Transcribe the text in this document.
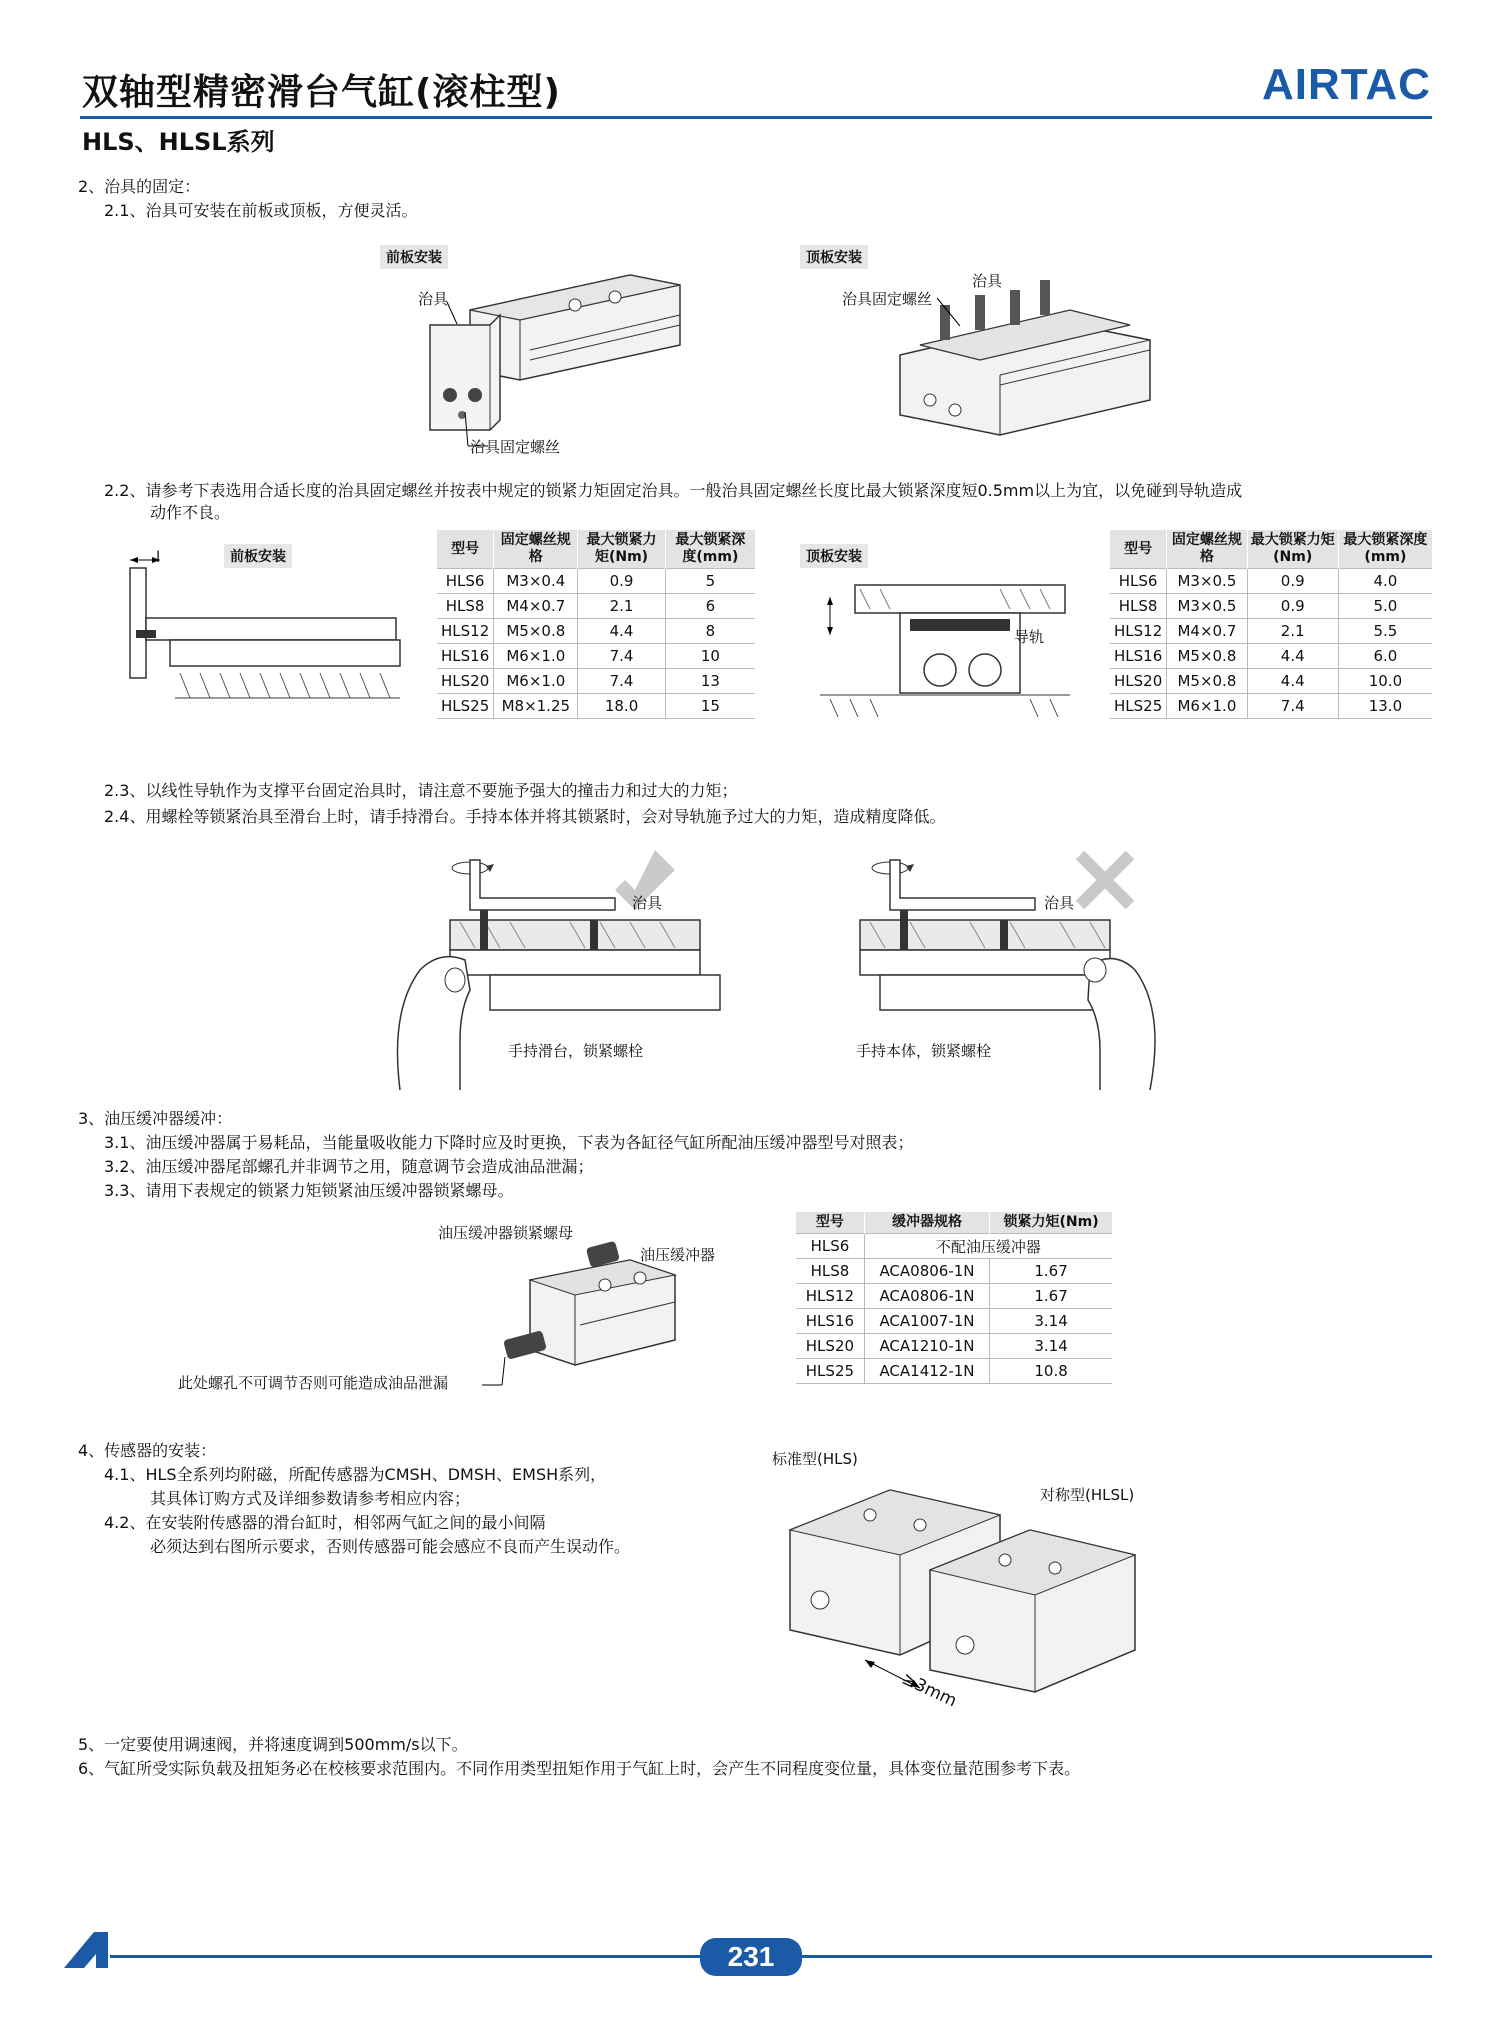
双轴型精密滑台气缸(滚柱型)
HLS、HLSL系列
AIRTAC
2、治具的固定：
2.1、治具可安装在前板或顶板，方便灵活。
前板安装	顶板安装
治具
治具固定螺丝
治具
治具固定螺丝
2.2、请参考下表选用合适长度的治具固定螺丝并按表中规定的锁紧力矩固定治具。一般治具固定螺丝长度比最大锁紧深度短0.5mm以上为宜，以免碰到导轨造成
动作不良。
前板安装
l	型号	固定螺丝规格	最大锁紧力矩(Nm)	最大锁紧深度(mm)
HLS6	M3×0.4	0.9	5
HLS8	M4×0.7	2.1	6
HLS12	M5×0.8	4.4	8
HLS16	M6×1.0	7.4	10
HLS20	M6×1.0	7.4	13
HLS25	M8×1.25	18.0	15
顶板安装
导轨
型号	固定螺丝规格	最大锁紧力矩(Nm)	最大锁紧深度(mm)
HLS6	M3×0.5	0.9	4.0
HLS8	M3×0.5	0.9	5.0
HLS12	M4×0.7	2.1	5.5
HLS16	M5×0.8	4.4	6.0
HLS20	M5×0.8	4.4	10.0
HLS25	M6×1.0	7.4	13.0
2.3、以线性导轨作为支撑平台固定治具时，请注意不要施予强大的撞击力和过大的力矩；
2.4、用螺栓等锁紧治具至滑台上时，请手持滑台。手持本体并将其锁紧时，会对导轨施予过大的力矩，造成精度降低。
治具
手持滑台，锁紧螺栓
治具
手持本体，锁紧螺栓
3、油压缓冲器缓冲：
3.1、油压缓冲器属于易耗品，当能量吸收能力下降时应及时更换，下表为各缸径气缸所配油压缓冲器型号对照表；
3.2、油压缓冲器尾部螺孔并非调节之用，随意调节会造成油品泄漏；
3.3、请用下表规定的锁紧力矩锁紧油压缓冲器锁紧螺母。
油压缓冲器锁紧螺母
油压缓冲器
此处螺孔不可调节否则可能造成油品泄漏
型号	缓冲器规格	锁紧力矩(Nm)
HLS6	不配油压缓冲器	
HLS8	ACA0806-1N	1.67
HLS12	ACA0806-1N	1.67
HLS16	ACA1007-1N	3.14
HLS20	ACA1210-1N	3.14
HLS25	ACA1412-1N	10.8
4、传感器的安装：
4.1、HLS全系列均附磁，所配传感器为CMSH、DMSH、EMSH系列，
其具体订购方式及详细参数请参考相应内容；
4.2、在安装附传感器的滑台缸时，相邻两气缸之间的最小间隔
必须达到右图所示要求，否则传感器可能会感应不良而产生误动作。
标准型(HLS)
对称型(HLSL)
≥3mm
5、一定要使用调速阀，并将速度调到500mm/s以下。
6、气缸所受实际负载及扭矩务必在校核要求范围内。不同作用类型扭矩作用于气缸上时，会产生不同程度变位量，具体变位量范围参考下表。
231
